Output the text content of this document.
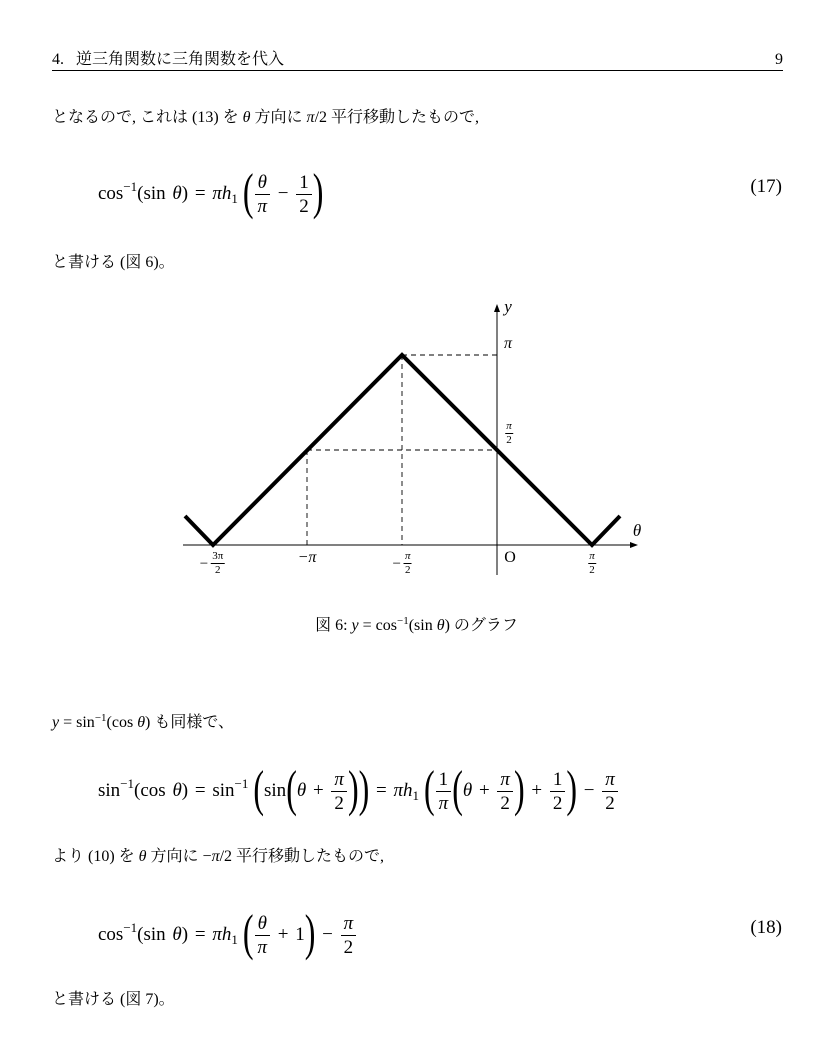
4. 逆三角関数に三角関数を代入	9
となるので, これは (13) を θ 方向に π/2 平行移動したもので,
$\cos^{-1}(\sin$ $\theta) = \pi h_1$ ( $\frac{\theta}{\pi} - \frac{1}{2}$ )	(17)
と書ける (図 6)。
y
θ
π
$\frac{\pi}{2}$
− $\frac{3\pi}{2}$	−π	− $\frac{\pi}{2}$	O	$\frac{\pi}{2}$
図 6: $y = \cos^{-1}(\sin$ θ) のグラフ
$y = \sin^{-1}(\cos$ θ) も同様で、
$\sin^{-1}(\cos$ $\theta) = \sin^{-1} (\sin(\theta + \frac{\pi}{2}$ )) = $\pi h_1$ ( $\frac{1}{\pi} (\theta + \frac{\pi}{2}$ ) + $\frac{1}{2}$ ) − $\frac{\pi}{2}$
より (10) を θ 方向に −π/2 平行移動したもので,
$\cos^{-1}(\sin$ $\theta) = \pi h_1$ ( $\frac{\theta}{\pi} + 1) - \frac{\pi}{2}$	(18)
と書ける (図 7)。
